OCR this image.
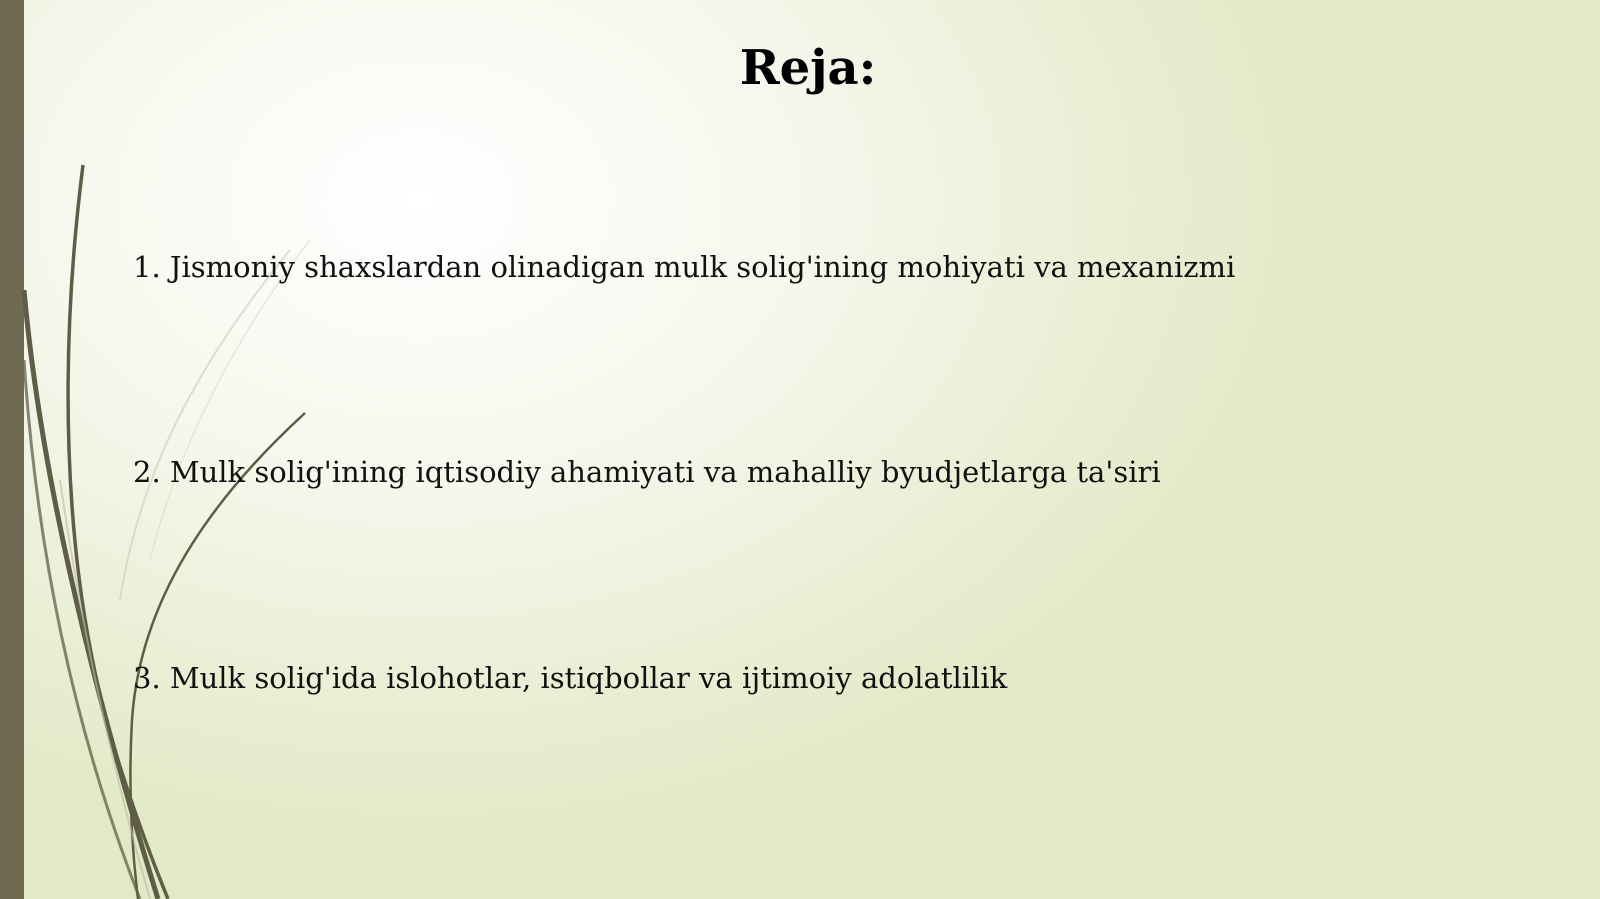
Reja:
1. Jismoniy shaxslardan olinadigan mulk solig'ining mohiyati va mexanizmi
2. Mulk solig'ining iqtisodiy ahamiyati va mahalliy byudjetlarga ta'siri
3. Mulk solig'ida islohotlar, istiqbollar va ijtimoiy adolatlilik
